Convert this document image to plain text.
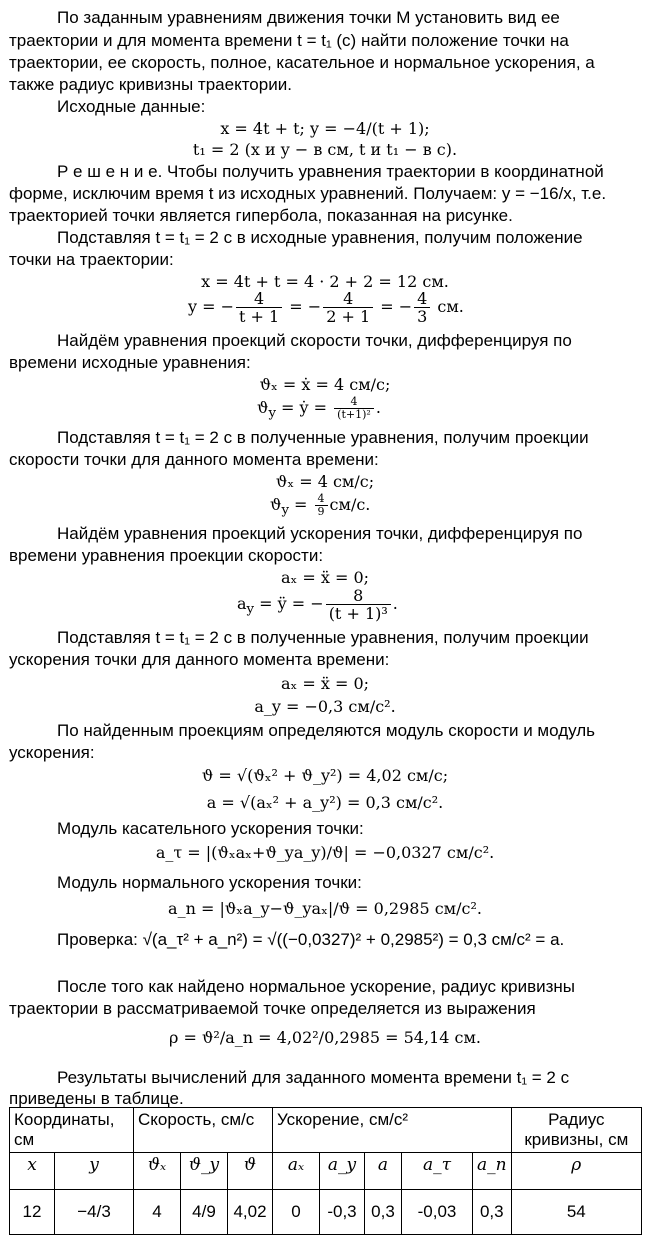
По заданным уравнениям движения точки M установить вид ее
траектории и для момента времени t = t₁ (с) найти положение точки на
траектории, ее скорость, полное, касательное и нормальное ускорения, а
также радиус кривизны траектории.
Исходные данные:
x = 4t + t; y = −4/(t + 1);
t₁ = 2 (x и y − в см, t и t₁ − в с).
Р е ш е н и е. Чтобы получить уравнения траектории в координатной
форме, исключим время t из исходных уравнений. Получаем: y = −16/x, т.е.
траекторией точки является гипербола, показанная на рисунке.
Подставляя t = t₁ = 2 c в исходные уравнения, получим положение
точки на траектории:
x = 4t + t = 4 · 2 + 2 = 12 см.
y = − $\frac{4}{t + 1}$ = − $\frac{4}{2 + 1}$ = − $\frac{4}{3}$ см.
Найдём уравнения проекций скорости точки, дифференцируя по
времени исходные уравнения:
ϑₓ = ẋ = 4 см/с;
$ϑ_y$ = ẏ = $\frac{4}{\text{(t+1)²}}$ .
Подставляя t = t₁ = 2 c в полученные уравнения, получим проекции
скорости точки для данного момента времени:
ϑₓ = 4 см/с;
$ϑ_y = \frac{4}{9} см/с$.
Найдём уравнения проекций ускорения точки, дифференцируя по
времени уравнения проекции скорости:
aₓ = ẍ = 0;
$a_y$ = ÿ = − $\frac{8}{\text{(t + 1)³}}$ .
Подставляя t = t₁ = 2 c в полученные уравнения, получим проекции
ускорения точки для данного момента времени:
aₓ = ẍ = 0;
a_y = −0,3 см/с².
По найденным проекциям определяются модуль скорости и модуль
ускорения:
ϑ = √(ϑₓ² + ϑ_y²) = 4,02 см/с;
a = √(aₓ² + a_y²) = 0,3 см/с².
Модуль касательного ускорения точки:
a_τ = |(ϑₓaₓ+ϑ_ya_y)/ϑ| = −0,0327 см/с².
Модуль нормального ускорения точки:
a_n = |ϑₓa_y−ϑ_yaₓ|/ϑ = 0,2985 см/с².
Проверка: √(a_τ² + a_n²) = √((−0,0327)² + 0,2985²) = 0,3 см/с² = a.
После того как найдено нормальное ускорение, радиус кривизны
траектории в рассматриваемой точке определяется из выражения
ρ = ϑ²/a_n = 4,02²/0,2985 = 54,14 см.
Результаты вычислений для заданного момента времени t₁ = 2 с
приведены в таблице.
Координаты, см		Скорость, см/с			Ускорение, см/с²					Радиус кривизны, см
x	y	ϑₓ	ϑ_y	ϑ	aₓ	a_y	a	a_τ	a_n	ρ
12	−4/3	4	4/9	4,02	0	-0,3	0,3	-0,03	0,3	54
